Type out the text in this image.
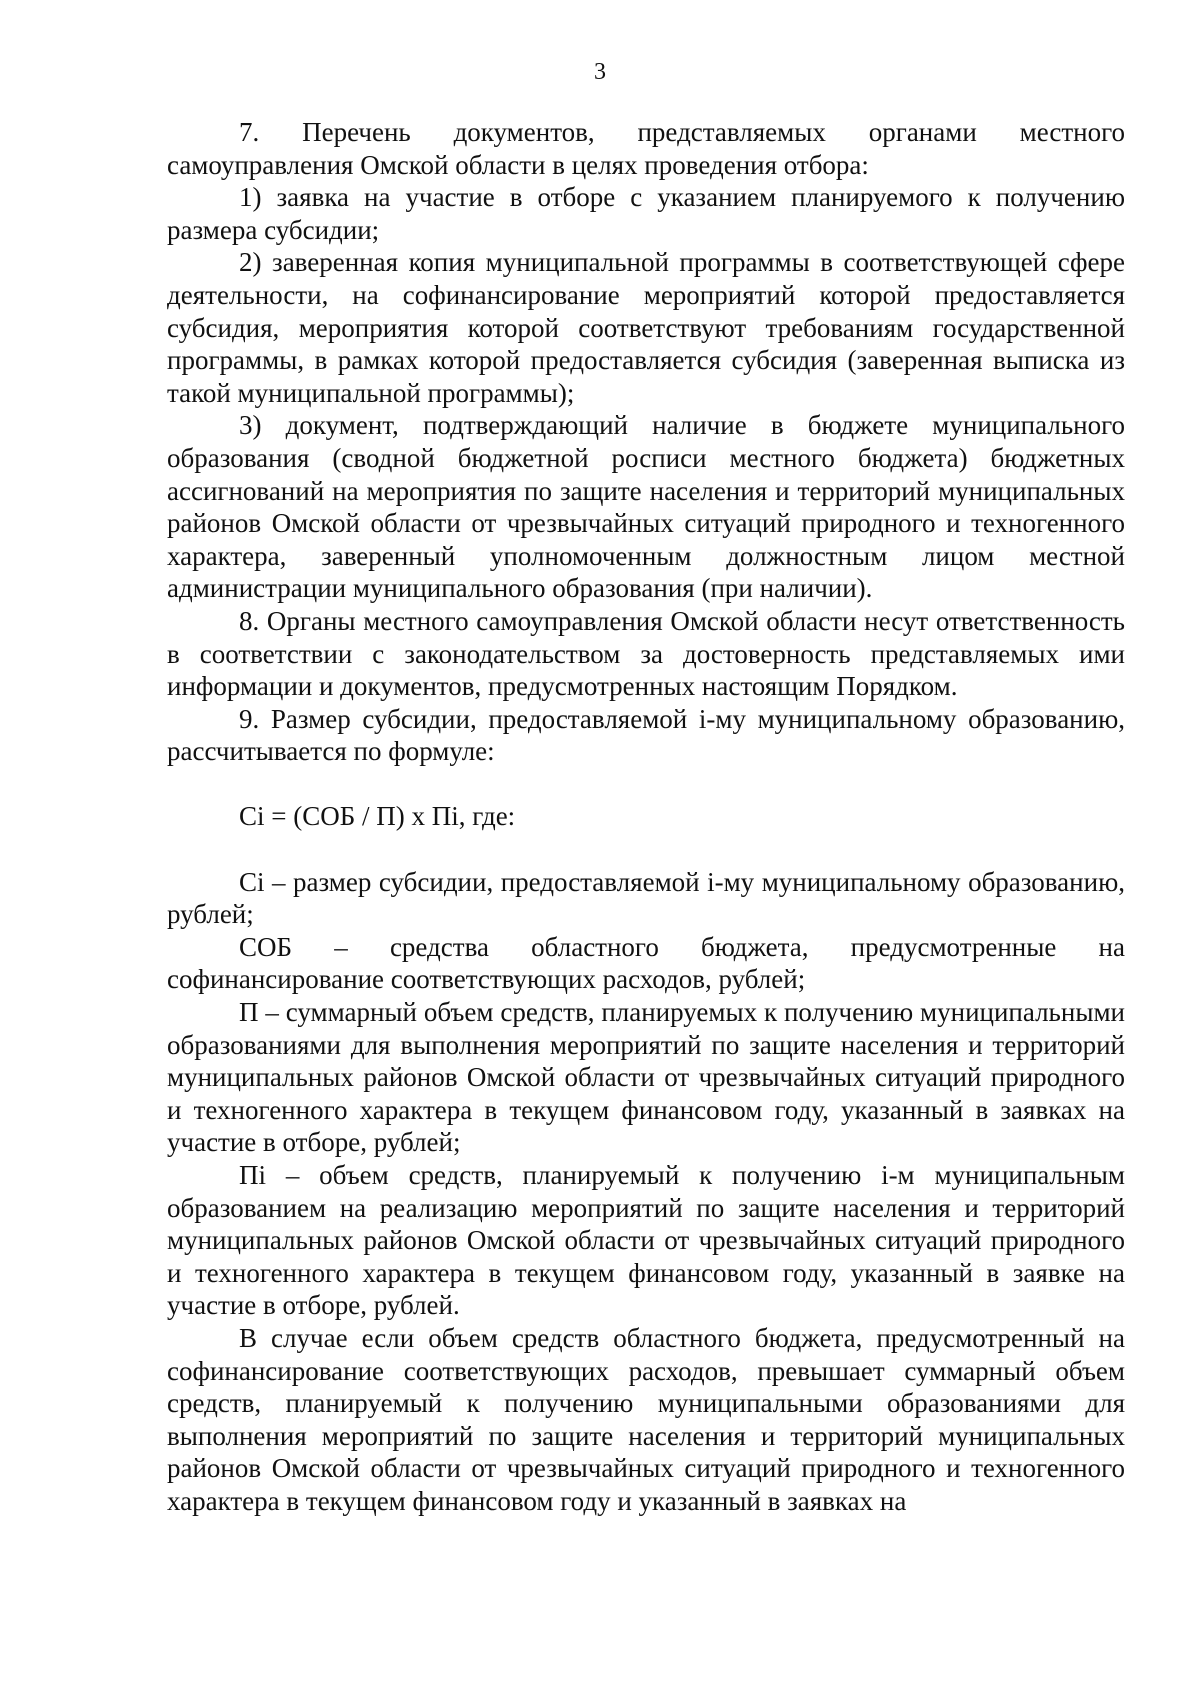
3

7. Перечень документов, представляемых органами местного самоуправления Омской области в целях проведения отбора:

1) заявка на участие в отборе с указанием планируемого к получению размера субсидии;

2) заверенная копия муниципальной программы в соответствующей сфере деятельности, на софинансирование мероприятий которой предоставляется субсидия, мероприятия которой соответствуют требованиям государственной программы, в рамках которой предоставляется субсидия (заверенная выписка из такой муниципальной программы);

3) документ, подтверждающий наличие в бюджете муниципального образования (сводной бюджетной росписи местного бюджета) бюджетных ассигнований на мероприятия по защите населения и территорий муниципальных районов Омской области от чрезвычайных ситуаций природного и техногенного характера, заверенный уполномоченным должностным лицом местной администрации муниципального образования (при наличии).

8. Органы местного самоуправления Омской области несут ответственность в соответствии с законодательством за достоверность представляемых ими информации и документов, предусмотренных настоящим Порядком.

9. Размер субсидии, предоставляемой i-му муниципальному образованию, рассчитывается по формуле:

Ci = (СОБ / П) x Пi, где:

Ci – размер субсидии, предоставляемой i-му муниципальному образованию, рублей;

СОБ – средства областного бюджета, предусмотренные на софинансирование соответствующих расходов, рублей;

П – суммарный объем средств, планируемых к получению муниципальными образованиями для выполнения мероприятий по защите населения и территорий муниципальных районов Омской области от чрезвычайных ситуаций природного и техногенного характера в текущем финансовом году, указанный в заявках на участие в отборе, рублей;

Пi – объем средств, планируемый к получению i-м муниципальным образованием на реализацию мероприятий по защите населения и территорий муниципальных районов Омской области от чрезвычайных ситуаций природного и техногенного характера в текущем финансовом году, указанный в заявке на участие в отборе, рублей.

В случае если объем средств областного бюджета, предусмотренный на софинансирование соответствующих расходов, превышает суммарный объем средств, планируемый к получению муниципальными образованиями для выполнения мероприятий по защите населения и территорий муниципальных районов Омской области от чрезвычайных ситуаций природного и техногенного характера в текущем финансовом году и указанный в заявках на
